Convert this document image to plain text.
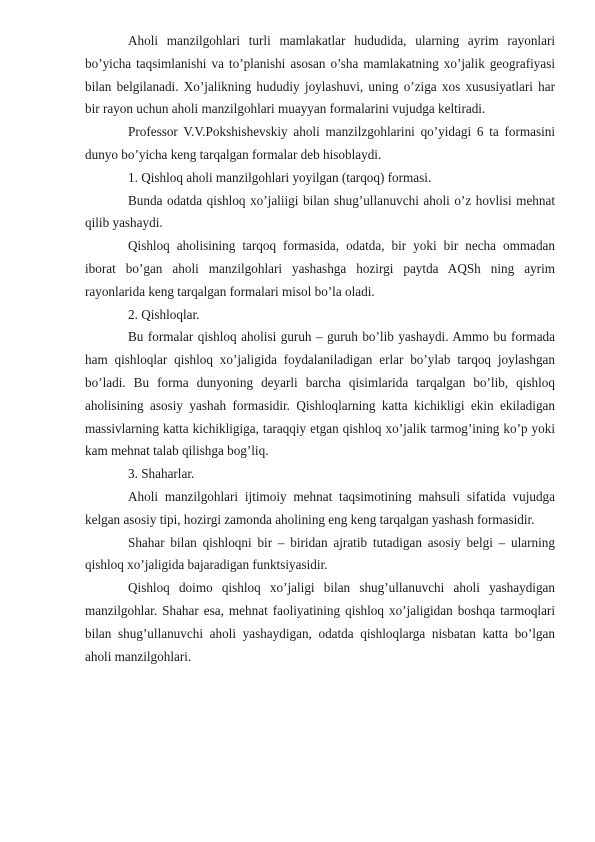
Aholi manzilgohlari turli mamlakatlar hududida, ularning ayrim rayonlari bo’yicha taqsimlanishi va to’planishi asosan o’sha mamlakatning xo’jalik geografiyasi bilan belgilanadi. Xo’jalikning hududiy joylashuvi, uning o’ziga xos xususiyatlari har bir rayon uchun aholi manzilgohlari muayyan formalarini vujudga keltiradi.

Professor V.V.Pokshishevskiy aholi manzilzgohlarini qo’yidagi 6 ta formasini dunyo bo’yicha keng tarqalgan formalar deb hisoblaydi.

1. Qishloq aholi manzilgohlari yoyilgan (tarqoq) formasi.

Bunda odatda qishloq xo’jaliigi bilan shug’ullanuvchi aholi o’z hovlisi mehnat qilib yashaydi.

Qishloq aholisining tarqoq formasida, odatda, bir yoki bir necha ommadan iborat bo’gan aholi manzilgohlari yashashga hozirgi paytda AQSh ning ayrim rayonlarida keng tarqalgan formalari misol bo’la oladi.

2. Qishloqlar.

Bu formalar qishloq aholisi guruh – guruh bo’lib yashaydi. Ammo bu formada ham qishloqlar qishloq xo’jaligida foydalaniladigan erlar bo’ylab tarqoq joylashgan bo’ladi. Bu forma dunyoning deyarli barcha qisimlarida tarqalgan bo’lib, qishloq aholisining asosiy yashah formasidir. Qishloqlarning katta kichikligi ekin ekiladigan massivlarning katta kichikligiga, taraqqiy etgan qishloq xo’jalik tarmog’ining ko’p yoki kam mehnat talab qilishga bog’liq.

3. Shaharlar.

Aholi manzilgohlari ijtimoiy mehnat taqsimotining mahsuli sifatida vujudga kelgan asosiy tipi, hozirgi zamonda aholining eng keng tarqalgan yashash formasidir.

Shahar bilan qishloqni bir – biridan ajratib tutadigan asosiy belgi – ularning qishloq xo’jaligida bajaradigan funktsiyasidir.

Qishloq doimo qishloq xo’jaligi bilan shug’ullanuvchi aholi yashaydigan manzilgohlar. Shahar esa, mehnat faoliyatining qishloq xo’jaligidan boshqa tarmoqlari bilan shug’ullanuvchi aholi yashaydigan, odatda qishloqlarga nisbatan katta bo’lgan aholi manzilgohlari.
